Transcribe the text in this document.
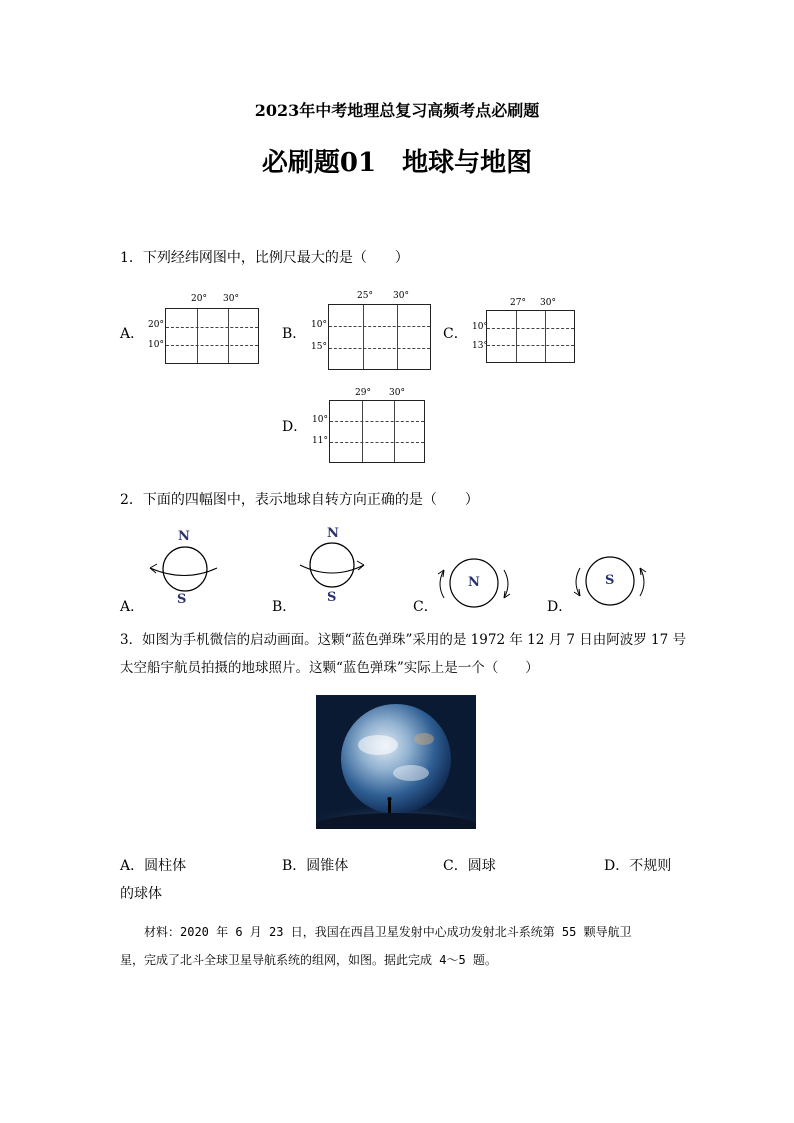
2023年中考地理总复习高频考点必刷题
必刷题01　地球与地图
1．下列经纬网图中，比例尺最大的是（　　）
A．
20° 30°
20°
10°
B．
25° 30°
10°
15°
C．
27° 30°
10°
13°
D．
29° 30°
10°
11°
2．下面的四幅图中，表示地球自转方向正确的是（　　）
A．
N
S	B．
N
S
C．
N
D．
S
3．如图为手机微信的启动画面。这颗“蓝色弹珠”采用的是 1972 年 12 月 7 日由阿波罗 17 号
太空船宇航员拍摄的地球照片。这颗“蓝色弹珠”实际上是一个（　　）
A．圆柱体	B．圆锥体	C．圆球	D．不规则
的球体
　　材料：2020 年 6 月 23 日，我国在西昌卫星发射中心成功发射北斗系统第 55 颗导航卫
星，完成了北斗全球卫星导航系统的组网，如图。据此完成 4～5 题。
